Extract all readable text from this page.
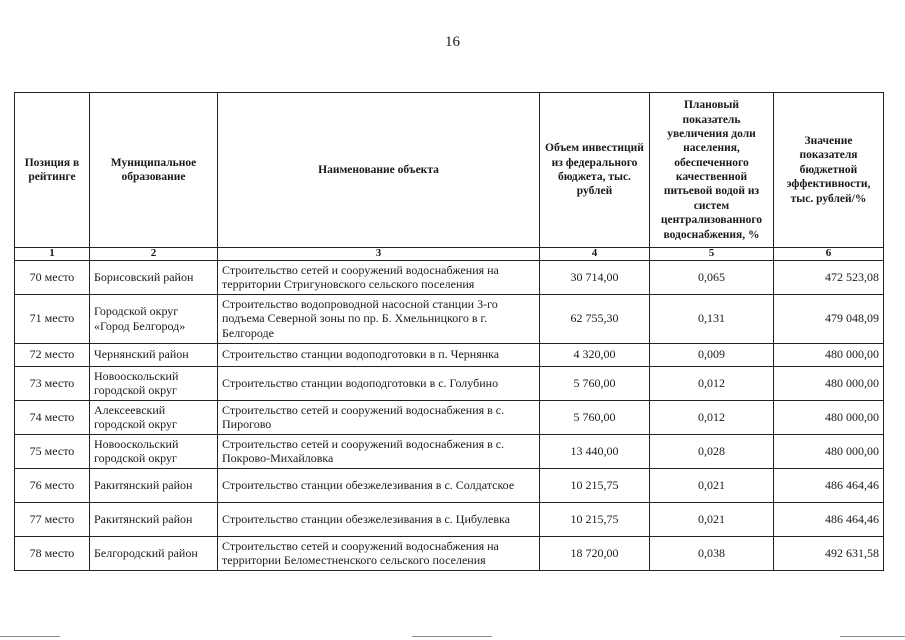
16
Позиция в рейтинге	Муниципальное образование	Наименование объекта	Объем инвестиций из федерального бюджета, тыс. рублей	Плановый показатель увеличения доли населения, обеспеченного качественной питьевой водой из систем централизованного водоснабжения, %	Значение показателя бюджетной эффективности, тыс. рублей/%
1	2	3	4	5	6
70 место	Борисовский район	Строительство сетей и сооружений водоснабжения на территории Стригуновского сельского поселения	30 714,00	0,065	472 523,08
71 место	Городской округ «Город Белгород»	Строительство водопроводной насосной станции 3-го подъема Северной зоны по пр. Б. Хмельницкого в г. Белгороде	62 755,30	0,131	479 048,09
72 место	Чернянский район	Строительство станции водоподготовки в п. Чернянка	4 320,00	0,009	480 000,00
73 место	Новооскольский городской округ	Строительство станции водоподготовки в с. Голубино	5 760,00	0,012	480 000,00
74 место	Алексеевский городской округ	Строительство сетей и сооружений водоснабжения в с. Пирогово	5 760,00	0,012	480 000,00
75 место	Новооскольский городской округ	Строительство сетей и сооружений водоснабжения в с. Покрово-Михайловка	13 440,00	0,028	480 000,00
76 место	Ракитянский район	Строительство станции обезжелезивания в с. Солдатское	10 215,75	0,021	486 464,46
77 место	Ракитянский район	Строительство станции обезжелезивания в с. Цибулевка	10 215,75	0,021	486 464,46
78 место	Белгородский район	Строительство сетей и сооружений водоснабжения на территории Беломестненского сельского поселения	18 720,00	0,038	492 631,58
